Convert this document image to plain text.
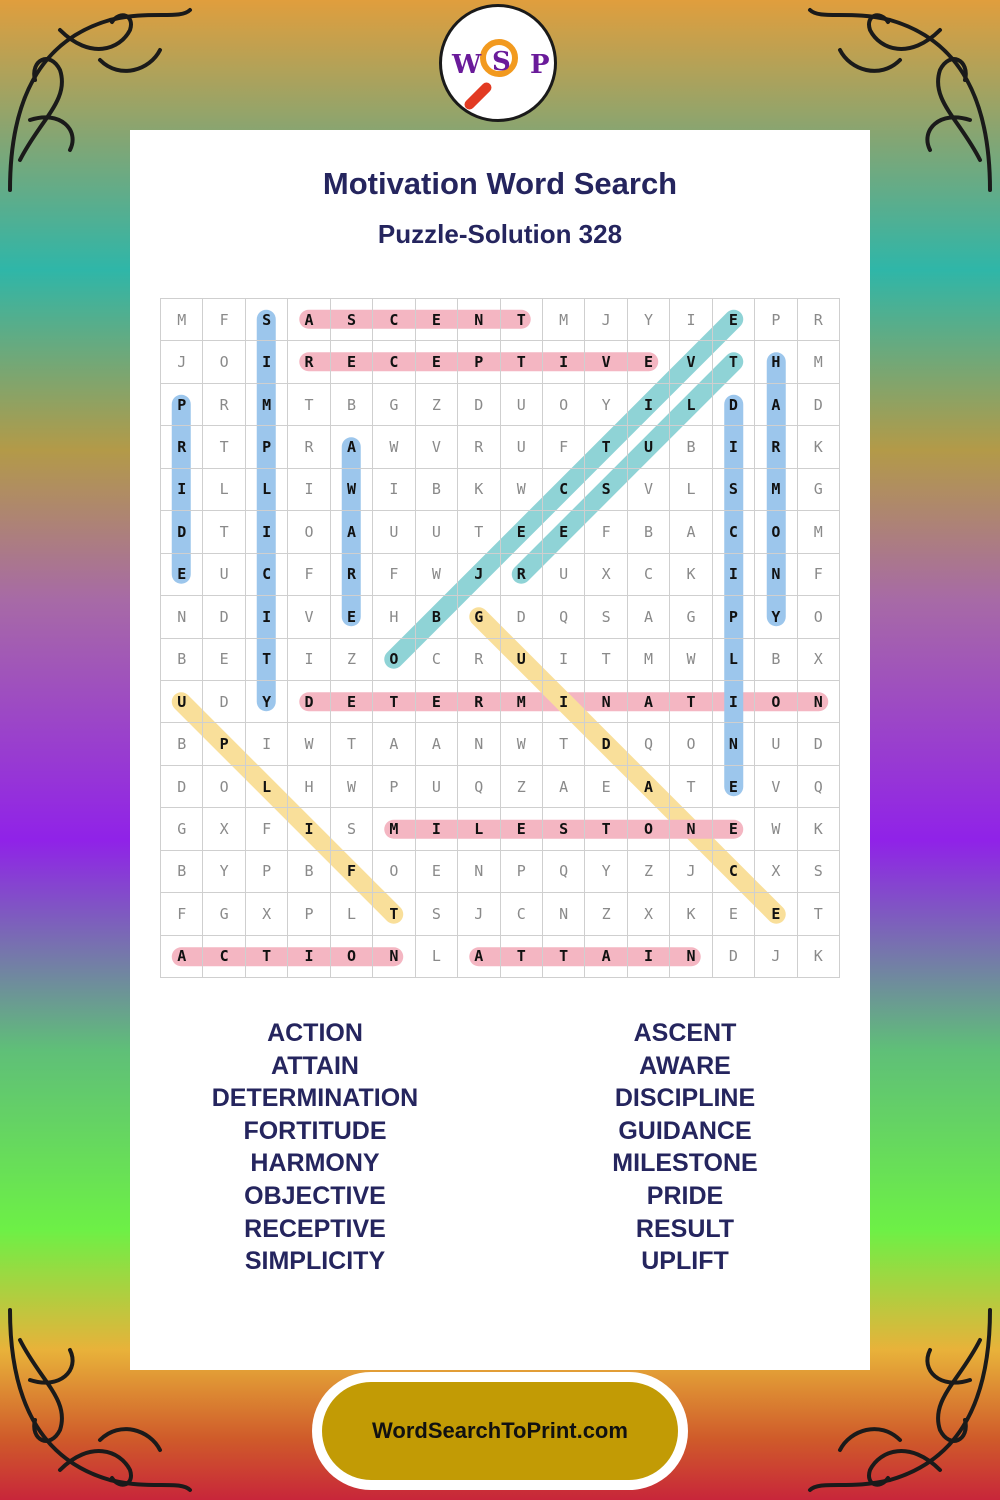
W S P
Motivation Word Search
Puzzle-Solution 328
M	F	S	A	S	C	E	N	T	M	J	Y	I	E	P	R
J	O	I	R	E	C	E	P	T	I	V	E	V	T	H	M
P	R	M	T	B	G	Z	D	U	O	Y	I	L	D	A	D
R	T	P	R	A	W	V	R	U	F	T	U	B	I	R	K
I	L	L	I	W	I	B	K	W	C	S	V	L	S	M	G
D	T	I	O	A	U	U	T	E	E	F	B	A	C	O	M
E	U	C	F	R	F	W	J	R	U	X	C	K	I	N	F
N	D	I	V	E	H	B	G	D	Q	S	A	G	P	Y	O
B	E	T	I	Z	O	C	R	U	I	T	M	W	L	B	X
U	D	Y	D	E	T	E	R	M	I	N	A	T	I	O	N
B	P	I	W	T	A	A	N	W	T	D	Q	O	N	U	D
D	O	L	H	W	P	U	Q	Z	A	E	A	T	E	V	Q
G	X	F	I	S	M	I	L	E	S	T	O	N	E	W	K
B	Y	P	B	F	O	E	N	P	Q	Y	Z	J	C	X	S
F	G	X	P	L	T	S	J	C	N	Z	X	K	E	E	T
A	C	T	I	O	N	L	A	T	T	A	I	N	D	J	K
ACTION
ATTAIN
DETERMINATION
FORTITUDE
HARMONY
OBJECTIVE
RECEPTIVE
SIMPLICITY
ASCENT
AWARE
DISCIPLINE
GUIDANCE
MILESTONE
PRIDE
RESULT
UPLIFT
WordSearchToPrint.com
